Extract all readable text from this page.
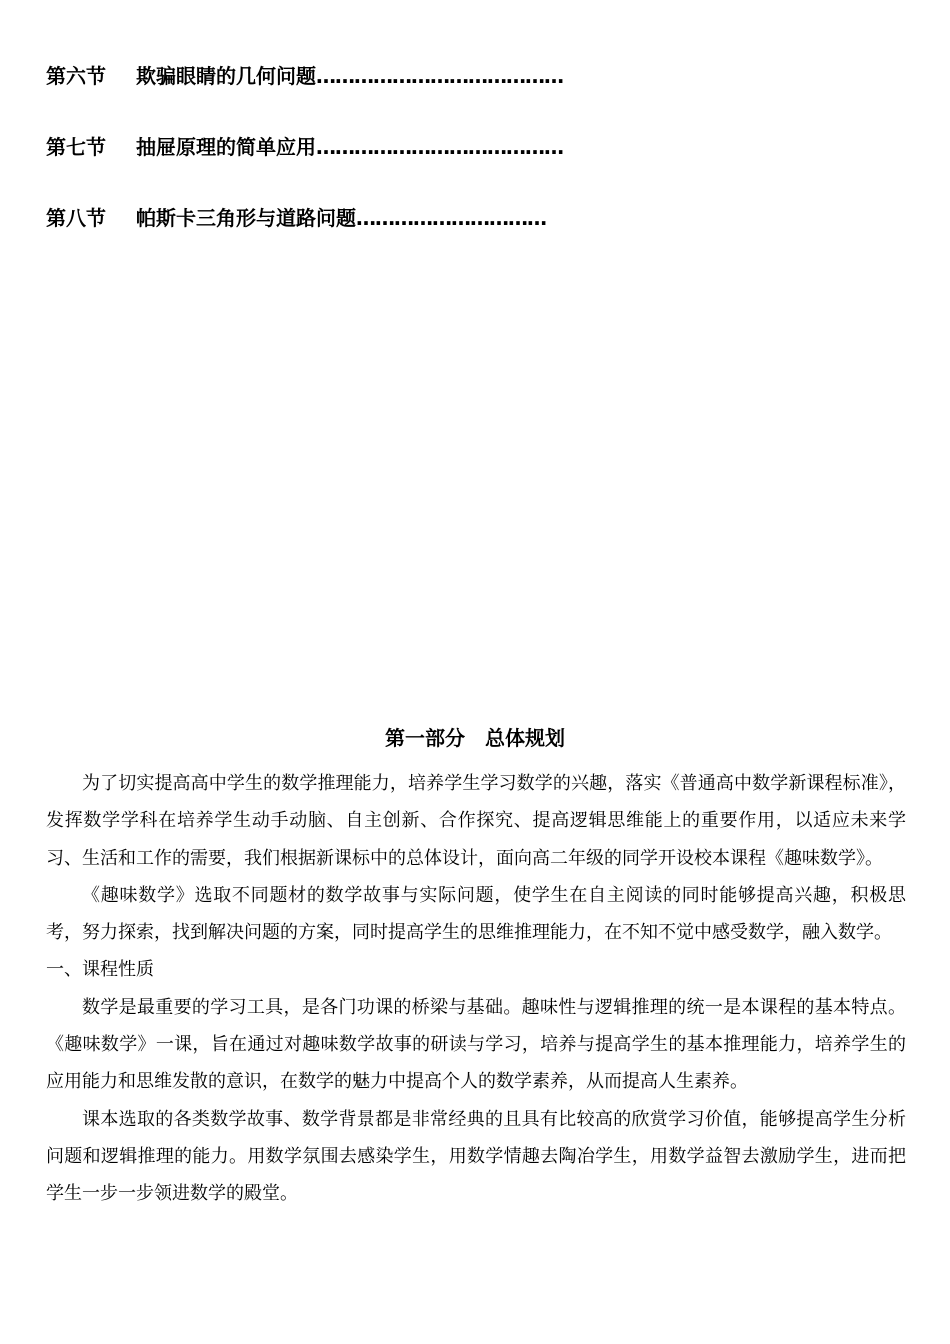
第六节 欺骗眼睛的几何问题…………………………………
第七节 抽屉原理的简单应用…………………………………
第八节 帕斯卡三角形与道路问题…………………………
第一部分　总体规划

为了切实提高高中学生的数学推理能力，培养学生学习数学的兴趣，落实《普通高中数学新课程标准》，发挥数学学科在培养学生动手动脑、自主创新、合作探究、提高逻辑思维能上的重要作用，以适应未来学习、生活和工作的需要，我们根据新课标中的总体设计，面向高二年级的同学开设校本课程《趣味数学》。

《趣味数学》选取不同题材的数学故事与实际问题，使学生在自主阅读的同时能够提高兴趣，积极思考，努力探索，找到解决问题的方案，同时提高学生的思维推理能力，在不知不觉中感受数学，融入数学。

一、课程性质

数学是最重要的学习工具，是各门功课的桥梁与基础。趣味性与逻辑推理的统一是本课程的基本特点。《趣味数学》一课，旨在通过对趣味数学故事的研读与学习，培养与提高学生的基本推理能力，培养学生的应用能力和思维发散的意识，在数学的魅力中提高个人的数学素养，从而提高人生素养。

课本选取的各类数学故事、数学背景都是非常经典的且具有比较高的欣赏学习价值，能够提高学生分析问题和逻辑推理的能力。用数学氛围去感染学生，用数学情趣去陶冶学生，用数学益智去激励学生，进而把学生一步一步领进数学的殿堂。
